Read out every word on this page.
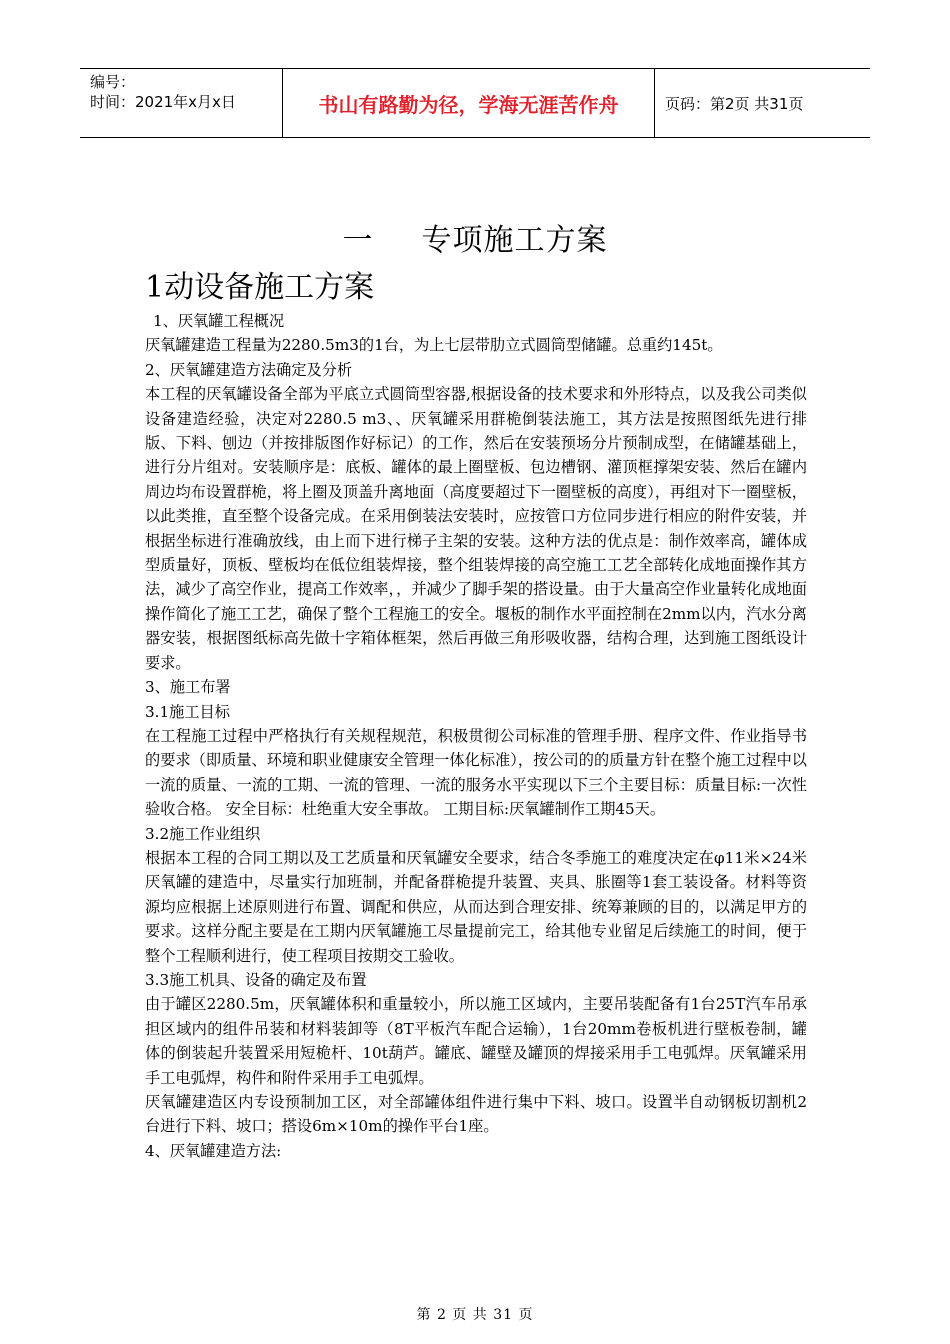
编号：
时间：2021年x月x日	书山有路勤为径，学海无涯苦作舟	页码：第2页 共31页
一 专项施工方案
1动设备施工方案

1、厌氧罐工程概况

厌氧罐建造工程量为2280.5m3的1台，为上七层带肋立式圆筒型储罐。总重约145t。

2、厌氧罐建造方法确定及分析

本工程的厌氧罐设备全部为平底立式圆筒型容器,根据设备的技术要求和外形特点，以及我公司类似设备建造经验，决定对2280.5 m3、、厌氧罐采用群桅倒装法施工，其方法是按照图纸先进行排版、下料、刨边（并按排版图作好标记）的工作，然后在安装预场分片预制成型，在储罐基础上，进行分片组对。安装顺序是：底板、罐体的最上圈壁板、包边槽钢、灌顶框撑架安装、然后在罐内周边均布设置群桅，将上圈及顶盖升离地面（高度要超过下一圈壁板的高度），再组对下一圈壁板，以此类推，直至整个设备完成。在采用倒装法安装时，应按管口方位同步进行相应的附件安装，并根据坐标进行准确放线，由上而下进行梯子主架的安装。这种方法的优点是：制作效率高，罐体成型质量好，顶板、壁板均在低位组装焊接，整个组装焊接的高空施工工艺全部转化成地面操作其方法，减少了高空作业，提高工作效率，，并减少了脚手架的搭设量。由于大量高空作业量转化成地面操作简化了施工工艺，确保了整个工程施工的安全。堰板的制作水平面控制在2mm以内，汽水分离器安装，根据图纸标高先做十字箱体框架，然后再做三角形吸收器，结构合理，达到施工图纸设计要求。

3、施工布署

3.1施工目标

在工程施工过程中严格执行有关规程规范，积极贯彻公司标准的管理手册、程序文件、作业指导书的要求（即质量、环境和职业健康安全管理一体化标准），按公司的的质量方针在整个施工过程中以一流的质量、一流的工期、一流的管理、一流的服务水平实现以下三个主要目标：质量目标:一次性验收合格。 安全目标：杜绝重大安全事故。 工期目标:厌氧罐制作工期45天。

3.2施工作业组织

根据本工程的合同工期以及工艺质量和厌氧罐安全要求，结合冬季施工的难度决定在φ11米×24米厌氧罐的建造中，尽量实行加班制，并配备群桅提升装置、夹具、胀圈等1套工装设备。材料等资源均应根据上述原则进行布置、调配和供应，从而达到合理安排、统筹兼顾的目的，以满足甲方的要求。这样分配主要是在工期内厌氧罐施工尽量提前完工，给其他专业留足后续施工的时间，便于整个工程顺利进行，使工程项目按期交工验收。

3.3施工机具、设备的确定及布置

由于罐区2280.5m，厌氧罐体积和重量较小，所以施工区域内，主要吊装配备有1台25T汽车吊承担区域内的组件吊装和材料装卸等（8T平板汽车配合运输），1台20mm卷板机进行壁板卷制，罐体的倒装起升装置采用短桅杆、10t葫芦。罐底、罐壁及罐顶的焊接采用手工电弧焊。厌氧罐采用手工电弧焊，构件和附件采用手工电弧焊。

厌氧罐建造区内专设预制加工区，对全部罐体组件进行集中下料、坡口。设置半自动钢板切割机2台进行下料、坡口；搭设6m×10m的操作平台1座。

4、厌氧罐建造方法:

第 2 页 共 31 页
